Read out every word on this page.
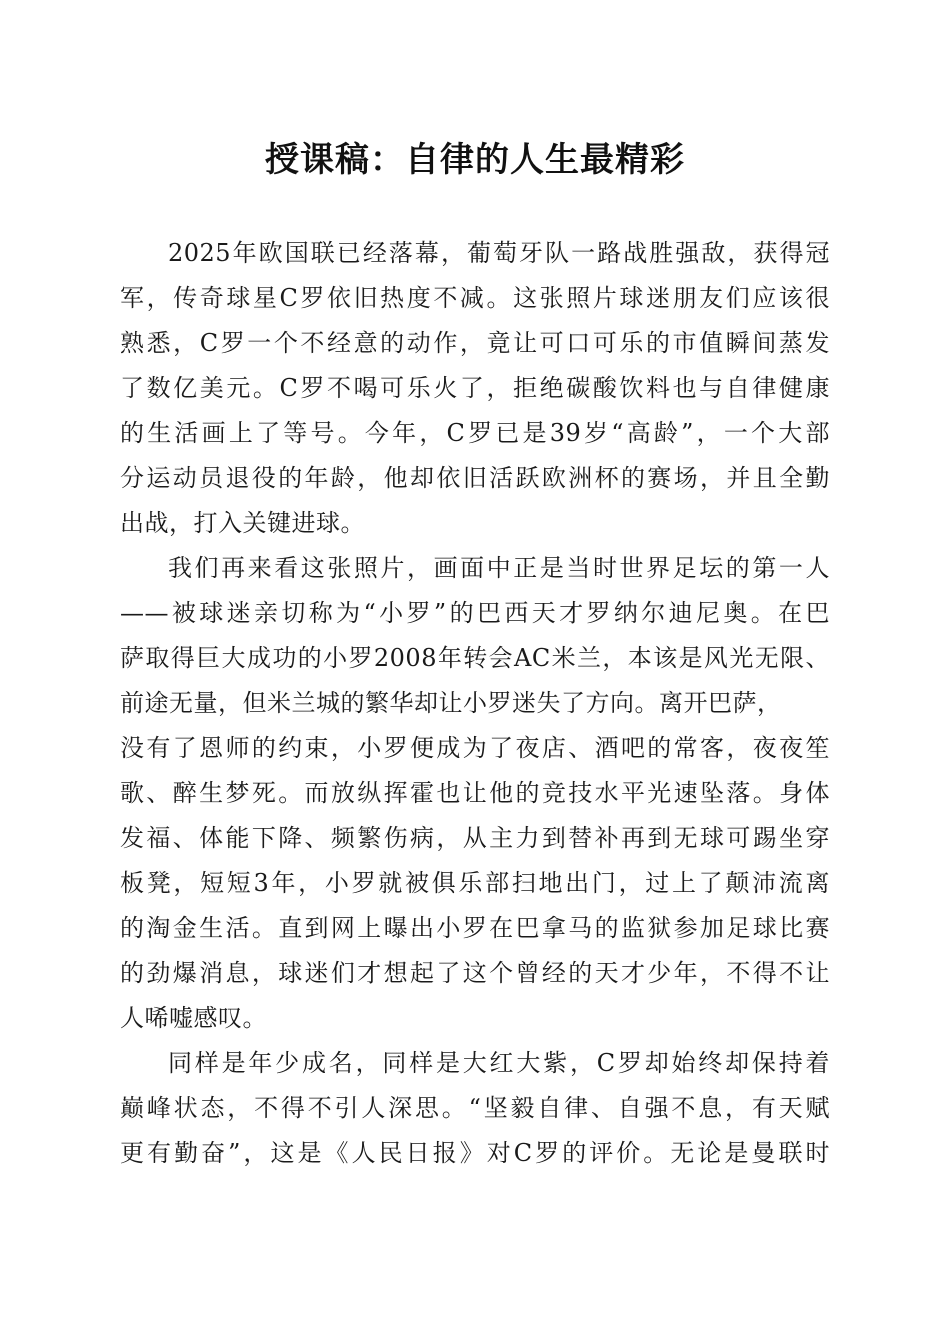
授课稿：自律的人生最精彩
2025年欧国联已经落幕，葡萄牙队一路战胜强敌，获得冠
军，传奇球星C罗依旧热度不减。这张照片球迷朋友们应该很
熟悉，C罗一个不经意的动作，竟让可口可乐的市值瞬间蒸发
了数亿美元。C罗不喝可乐火了，拒绝碳酸饮料也与自律健康
的生活画上了等号。今年，C罗已是39岁“高龄”，一个大部
分运动员退役的年龄，他却依旧活跃欧洲杯的赛场，并且全勤
出战，打入关键进球。
我们再来看这张照片，画面中正是当时世界足坛的第一人
——被球迷亲切称为“小罗”的巴西天才罗纳尔迪尼奥。在巴
萨取得巨大成功的小罗2008年转会AC米兰，本该是风光无限、
前途无量，但米兰城的繁华却让小罗迷失了方向。离开巴萨，
没有了恩师的约束，小罗便成为了夜店、酒吧的常客，夜夜笙
歌、醉生梦死。而放纵挥霍也让他的竞技水平光速坠落。身体
发福、体能下降、频繁伤病，从主力到替补再到无球可踢坐穿
板凳，短短3年，小罗就被俱乐部扫地出门，过上了颠沛流离
的淘金生活。直到网上曝出小罗在巴拿马的监狱参加足球比赛
的劲爆消息，球迷们才想起了这个曾经的天才少年，不得不让
人唏嘘感叹。
同样是年少成名，同样是大红大紫，C罗却始终却保持着
巅峰状态，不得不引人深思。“坚毅自律、自强不息，有天赋
更有勤奋”，这是《人民日报》对C罗的评价。无论是曼联时
